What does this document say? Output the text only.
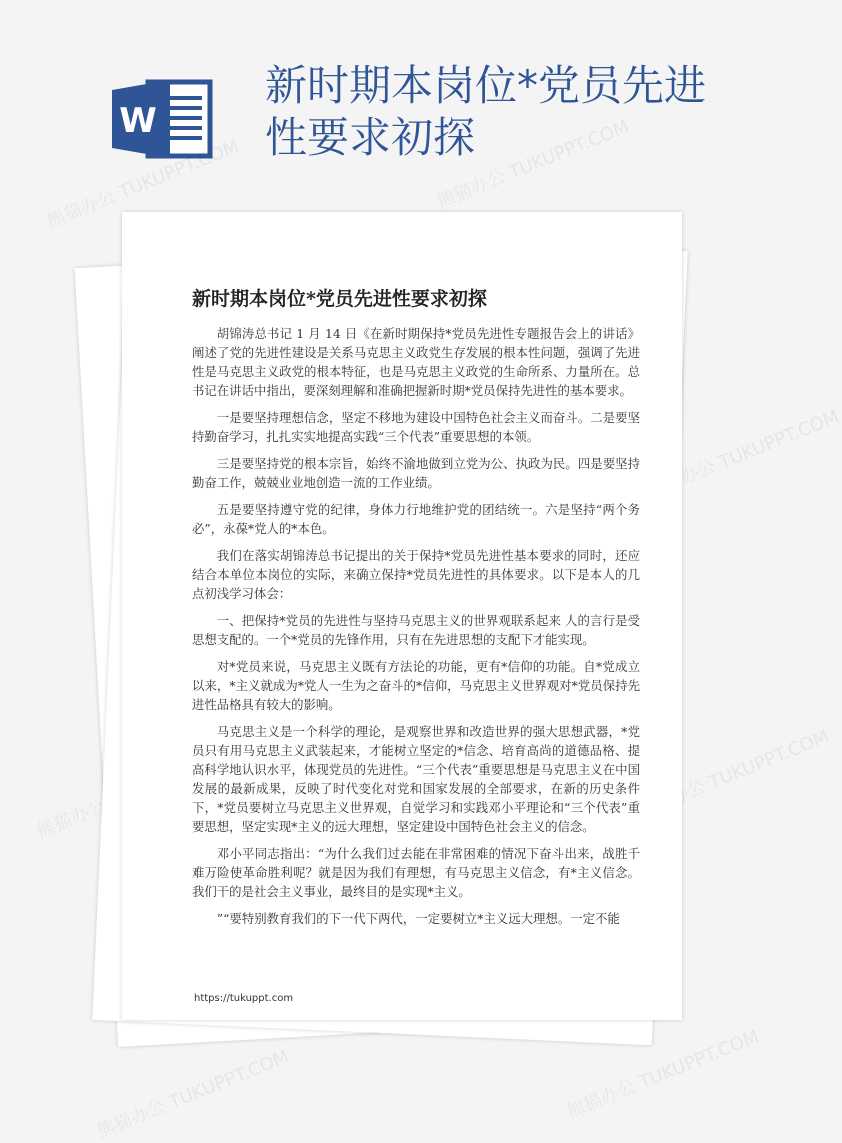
W
新时期本岗位*党员先进性要求初探
熊猫办公 TUKUPPT.COM	熊猫办公 TUKUPPT.COM
熊猫办公 TUKUPPT.COM
熊猫办公	熊猫办公 TUKUPPT.COM
熊猫办公 TUKUPPT.COM	熊猫办公 TUKUPPT.COM
新时期本岗位*党员先进性要求初探

胡锦涛总书记 1 月 14 日《在新时期保持*党员先进性专题报告会上的讲话》阐述了党的先进性建设是关系马克思主义政党生存发展的根本性问题，强调了先进性是马克思主义政党的根本特征，也是马克思主义政党的生命所系、力量所在。总书记在讲话中指出，要深刻理解和准确把握新时期*党员保持先进性的基本要求。

一是要坚持理想信念，坚定不移地为建设中国特色社会主义而奋斗。二是要坚持勤奋学习，扎扎实实地提高实践“三个代表”重要思想的本领。

三是要坚持党的根本宗旨，始终不渝地做到立党为公、执政为民。四是要坚持勤奋工作，兢兢业业地创造一流的工作业绩。

五是要坚持遵守党的纪律，身体力行地维护党的团结统一。六是坚持“两个务必”，永葆*党人的*本色。

我们在落实胡锦涛总书记提出的关于保持*党员先进性基本要求的同时，还应结合本单位本岗位的实际，来确立保持*党员先进性的具体要求。以下是本人的几点初浅学习体会：

一、把保持*党员的先进性与坚持马克思主义的世界观联系起来 人的言行是受思想支配的。一个*党员的先锋作用，只有在先进思想的支配下才能实现。

对*党员来说，马克思主义既有方法论的功能，更有*信仰的功能。自*党成立以来，*主义就成为*党人一生为之奋斗的*信仰，马克思主义世界观对*党员保持先进性品格具有较大的影响。

马克思主义是一个科学的理论，是观察世界和改造世界的强大思想武器，*党员只有用马克思主义武装起来，才能树立坚定的*信念、培育高尚的道德品格、提高科学地认识水平，体现党员的先进性。“三个代表”重要思想是马克思主义在中国发展的最新成果，反映了时代变化对党和国家发展的全部要求，在新的历史条件下，*党员要树立马克思主义世界观，自觉学习和实践邓小平理论和“三个代表”重要思想，坚定实现*主义的远大理想，坚定建设中国特色社会主义的信念。

邓小平同志指出：“为什么我们过去能在非常困难的情况下奋斗出来，战胜千难万险使革命胜利呢？就是因为我们有理想，有马克思主义信念，有*主义信念。我们干的是社会主义事业，最终目的是实现*主义。

”“要特别教育我们的下一代下两代，一定要树立*主义远大理想。一定不能

https://tukuppt.com
